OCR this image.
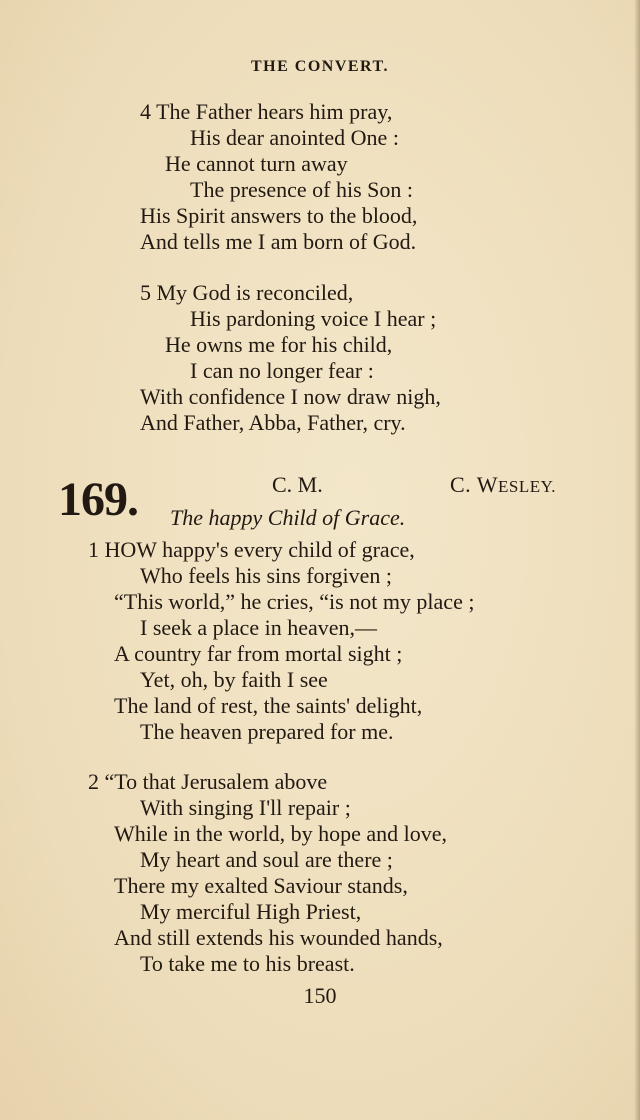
THE CONVERT.
4 The Father hears him pray,
His dear anointed One :
He cannot turn away
The presence of his Son :
His Spirit answers to the blood,
And tells me I am born of God.
5 My God is reconciled,
His pardoning voice I hear ;
He owns me for his child,
I can no longer fear :
With confidence I now draw nigh,
And Father, Abba, Father, cry.
169.	C. M.	C. WESLEY.
The happy Child of Grace.
1 HOW happy's every child of grace,
Who feels his sins forgiven ;
“This world,” he cries, “is not my place ;
I seek a place in heaven,—
A country far from mortal sight ;
Yet, oh, by faith I see
The land of rest, the saints' delight,
The heaven prepared for me.
2 “To that Jerusalem above
With singing I'll repair ;
While in the world, by hope and love,
My heart and soul are there ;
There my exalted Saviour stands,
My merciful High Priest,
And still extends his wounded hands,
To take me to his breast.
150
